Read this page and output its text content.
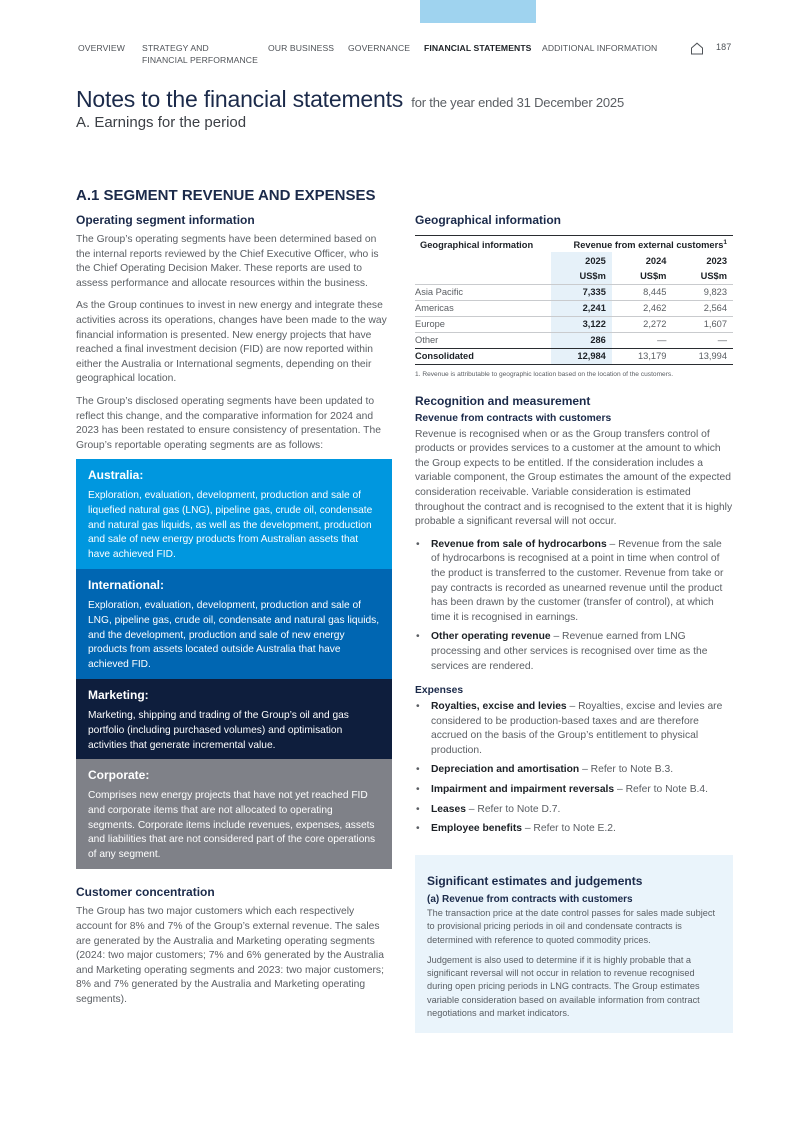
OVERVIEW STRATEGY AND
FINANCIAL PERFORMANCE
OUR BUSINESS GOVERNANCE FINANCIAL STATEMENTS ADDITIONAL INFORMATION	187
Notes to the financial statements for the year ended 31 December 2025
A. Earnings for the period
A.1 SEGMENT REVENUE AND EXPENSES
Operating segment information

The Group’s operating segments have been determined based on the internal reports reviewed by the Chief Executive Officer, who is the Chief Operating Decision Maker. These reports are used to assess performance and allocate resources within the business.

As the Group continues to invest in new energy and integrate these activities across its operations, changes have been made to the way financial information is presented. New energy projects that have reached a final investment decision (FID) are now reported within either the Australia or International segments, depending on their geographical location.

The Group’s disclosed operating segments have been updated to reflect this change, and the comparative information for 2024 and 2023 has been restated to ensure consistency of presentation. The Group’s reportable operating segments are as follows:

Australia:
Exploration, evaluation, development, production and sale of liquefied natural gas (LNG), pipeline gas, crude oil, condensate and natural gas liquids, as well as the development, production and sale of new energy products from Australian assets that have achieved FID.
International:
Exploration, evaluation, development, production and sale of LNG, pipeline gas, crude oil, condensate and natural gas liquids, and the development, production and sale of new energy products from assets located outside Australia that have achieved FID.
Marketing:
Marketing, shipping and trading of the Group’s oil and gas portfolio (including purchased volumes) and optimisation activities that generate incremental value.
Corporate:
Comprises new energy projects that have not yet reached FID and corporate items that are not allocated to operating segments. Corporate items include revenues, expenses, assets and liabilities that are not considered part of the core operations of any segment.
Customer concentration

The Group has two major customers which each respectively account for 8% and 7% of the Group’s external revenue. The sales are generated by the Australia and Marketing operating segments (2024: two major customers; 7% and 6% generated by the Australia and Marketing operating segments and 2023: two major customers; 8% and 7% generated by the Australia and Marketing operating segments).

Geographical information
Geographical information	Revenue from external customers$^1$
	2025	2024	2023
	US$m	US$m	US$m
Asia Pacific	7,335	8,445	9,823
Americas	2,241	2,462	2,564
Europe	3,122	2,272	1,607
Other	286	—	—
Consolidated	12,984	13,179	13,994
1. Revenue is attributable to geographic location based on the location of the customers.
Recognition and measurement
Revenue from contracts with customers

Revenue is recognised when or as the Group transfers control of products or provides services to a customer at the amount to which the Group expects to be entitled. If the consideration includes a variable component, the Group estimates the amount of the expected consideration receivable. Variable consideration is estimated throughout the contract and is recognised to the extent that it is highly probable a significant reversal will not occur.

• Revenue from sale of hydrocarbons – Revenue from the sale of hydrocarbons is recognised at a point in time when control of the product is transferred to the customer. Revenue from take or pay contracts is recorded as unearned revenue until the product has been drawn by the customer (transfer of control), at which time it is recognised in earnings.
• Other operating revenue – Revenue earned from LNG processing and other services is recognised over time as the services are rendered.
Expenses
• Royalties, excise and levies – Royalties, excise and levies are considered to be production-based taxes and are therefore accrued on the basis of the Group’s entitlement to physical production.
• Depreciation and amortisation – Refer to Note B.3.
• Impairment and impairment reversals – Refer to Note B.4.
• Leases – Refer to Note D.7.
• Employee benefits – Refer to Note E.2.
Significant estimates and judgements
(a) Revenue from contracts with customers

The transaction price at the date control passes for sales made subject to provisional pricing periods in oil and condensate contracts is determined with reference to quoted commodity prices.

Judgement is also used to determine if it is highly probable that a significant reversal will not occur in relation to revenue recognised during open pricing periods in LNG contracts. The Group estimates variable consideration based on available information from contract negotiations and market indicators.
